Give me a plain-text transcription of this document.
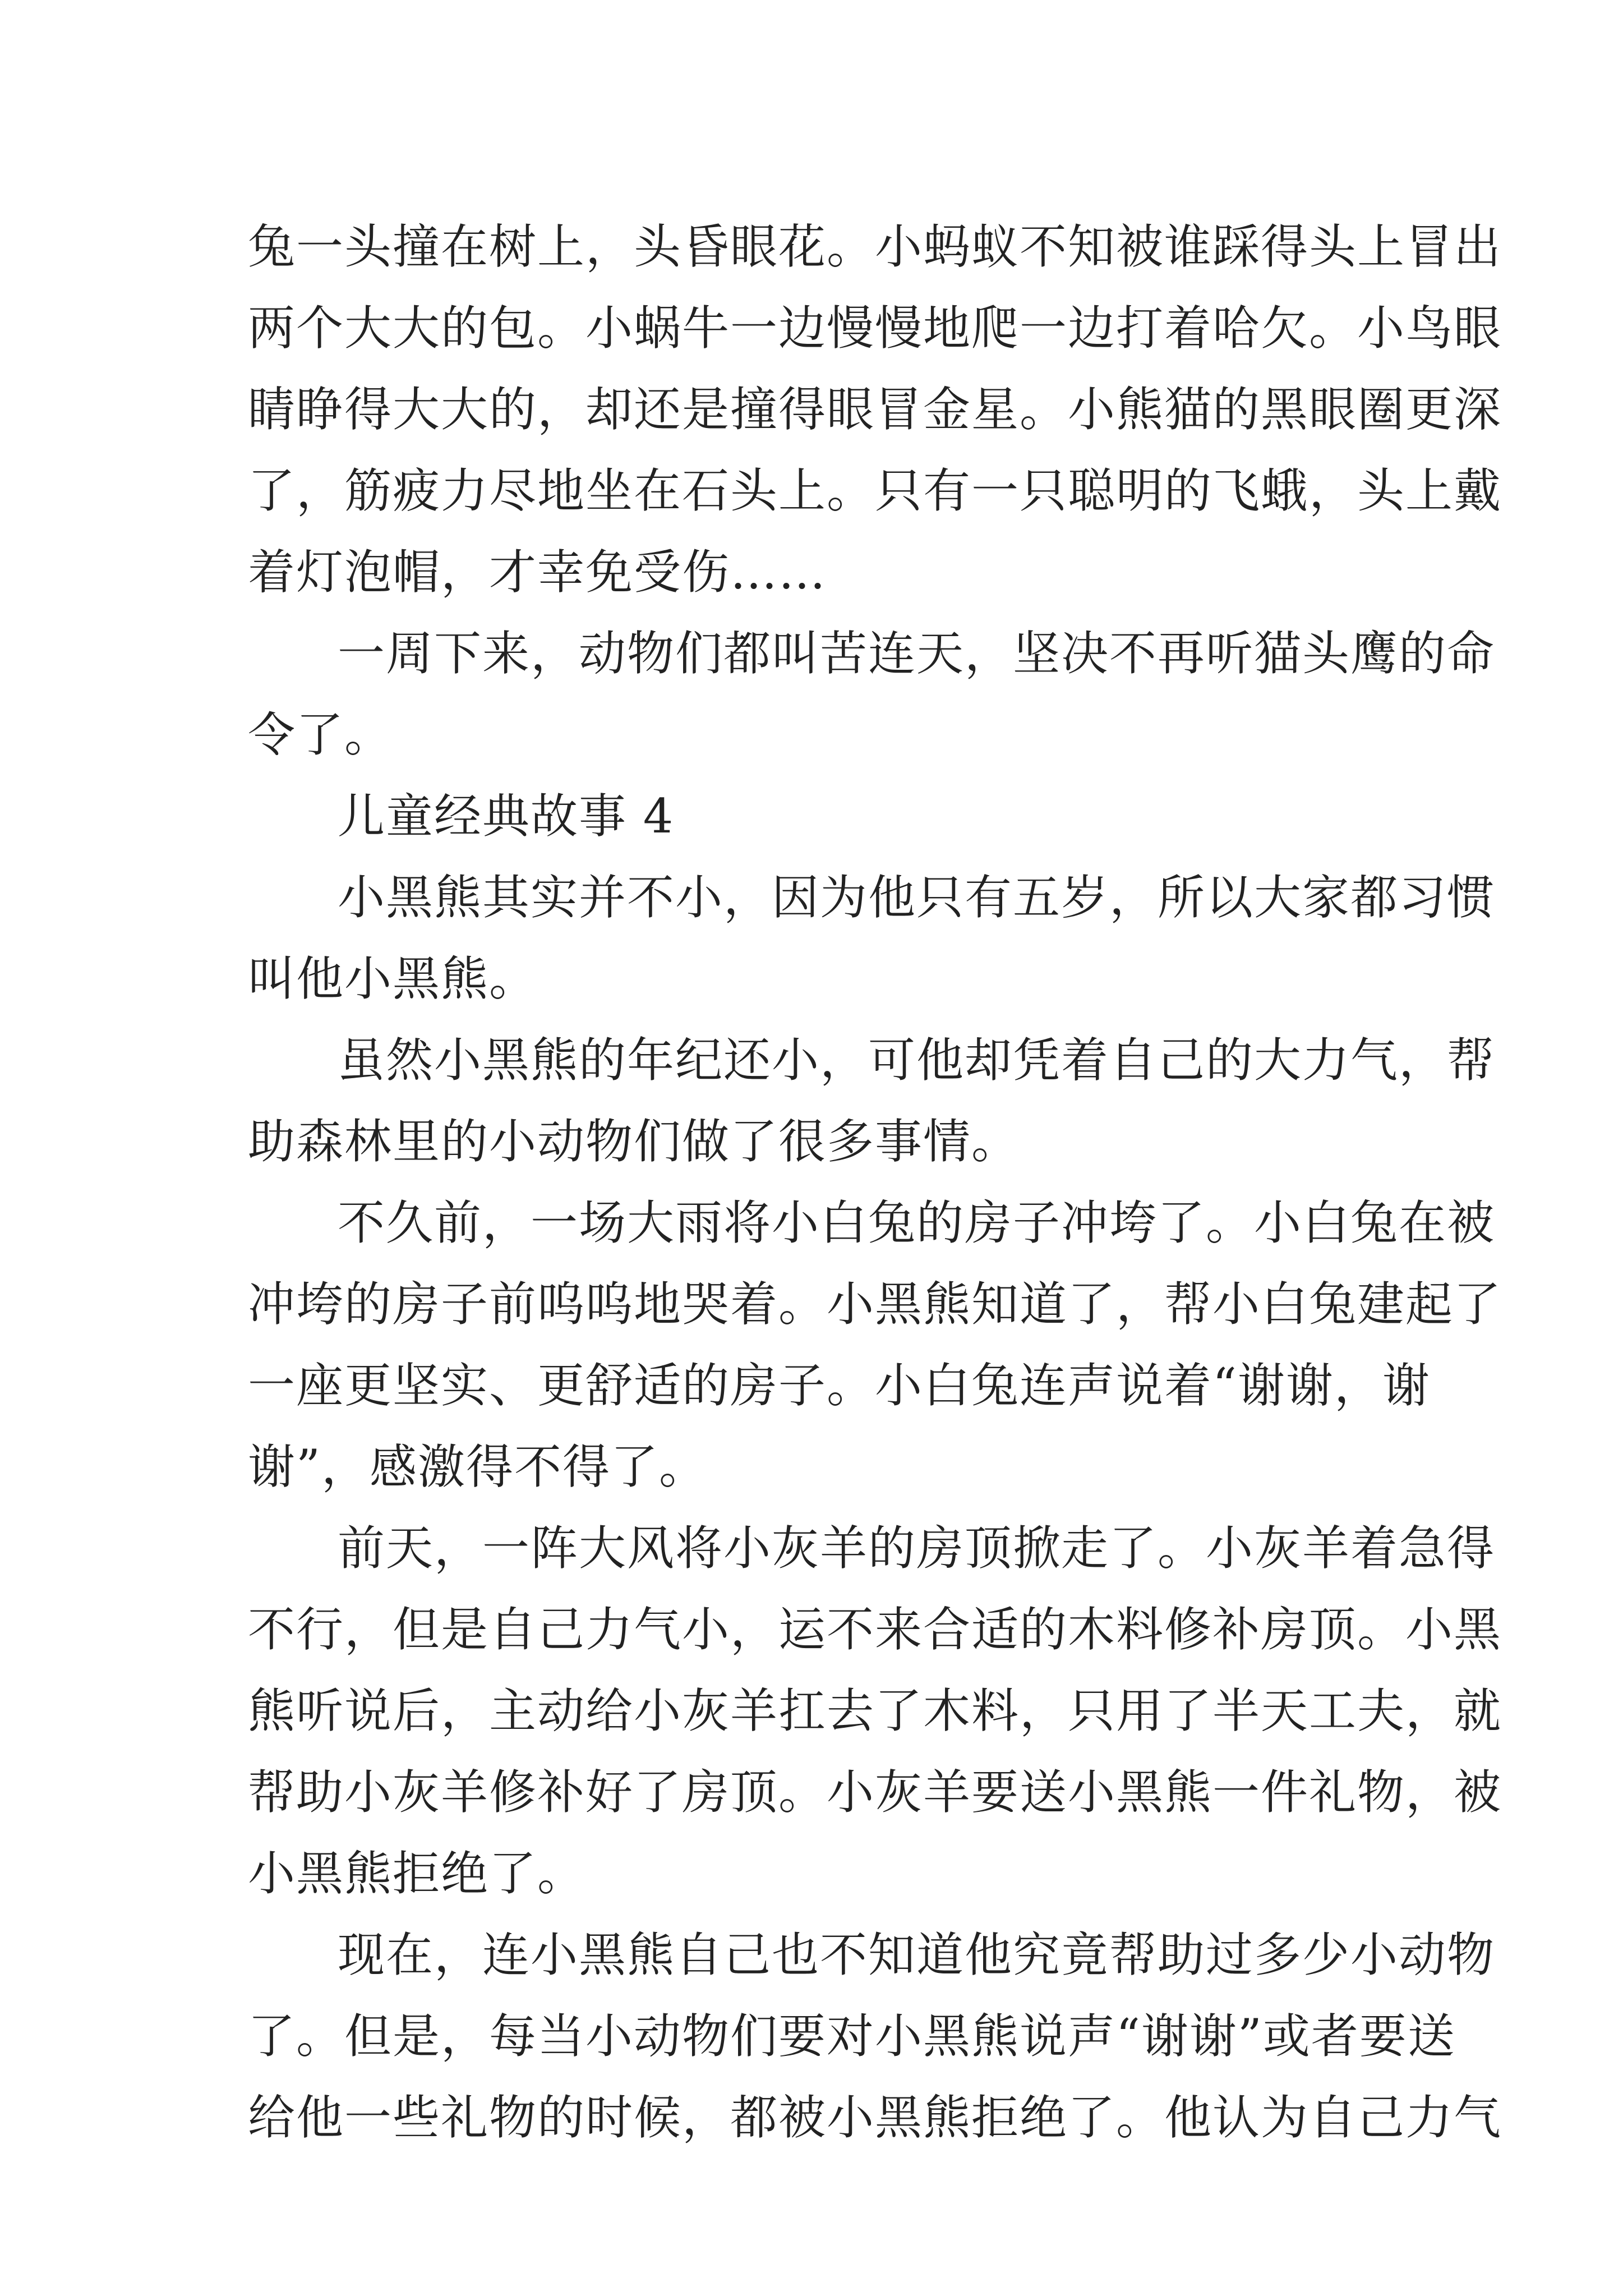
兔一头撞在树上，头昏眼花。小蚂蚁不知被谁踩得头上冒出
两个大大的包。小蜗牛一边慢慢地爬一边打着哈欠。小鸟眼
睛睁得大大的，却还是撞得眼冒金星。小熊猫的黑眼圈更深
了，筋疲力尽地坐在石头上。只有一只聪明的飞蛾，头上戴
着灯泡帽，才幸免受伤……
一周下来，动物们都叫苦连天，坚决不再听猫头鹰的命
令了。
儿童经典故事 4
小黑熊其实并不小，因为他只有五岁，所以大家都习惯
叫他小黑熊。
虽然小黑熊的年纪还小，可他却凭着自己的大力气，帮
助森林里的小动物们做了很多事情。
不久前，一场大雨将小白兔的房子冲垮了。小白兔在被
冲垮的房子前呜呜地哭着。小黑熊知道了，帮小白兔建起了
一座更坚实、更舒适的房子。小白兔连声说着“谢谢，谢
谢”，感激得不得了。
前天，一阵大风将小灰羊的房顶掀走了。小灰羊着急得
不行，但是自己力气小，运不来合适的木料修补房顶。小黑
熊听说后，主动给小灰羊扛去了木料，只用了半天工夫，就
帮助小灰羊修补好了房顶。小灰羊要送小黑熊一件礼物，被
小黑熊拒绝了。
现在，连小黑熊自己也不知道他究竟帮助过多少小动物
了。但是，每当小动物们要对小黑熊说声“谢谢”或者要送
给他一些礼物的时候，都被小黑熊拒绝了。他认为自己力气
